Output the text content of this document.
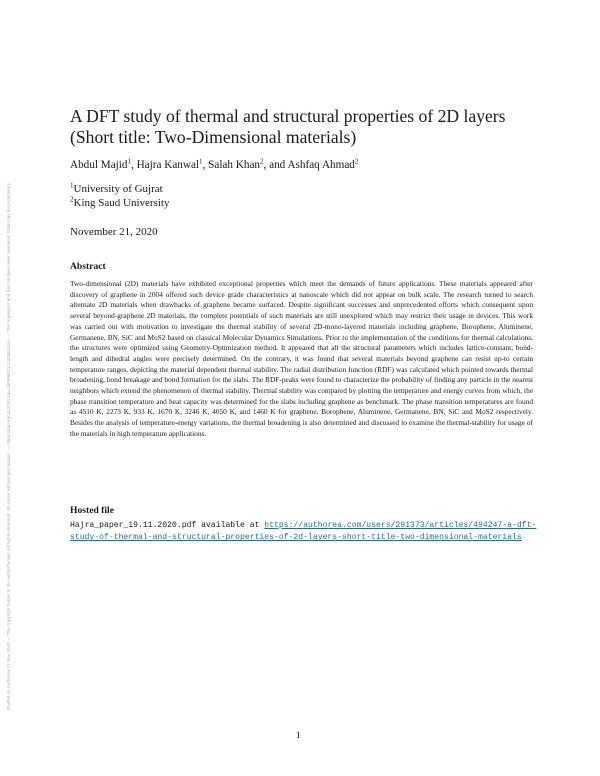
Posted on Authorea 21 Nov 2020 — The copyright holder is the author/funder. All rights reserved. No reuse without permission. — https://doi.org/10.22541/au.160596111.11638614/v1 — This a preprint and has not been peer reviewed. Data may be preliminary.
A DFT study of thermal and structural properties of 2D layers (Short title: Two-Dimensional materials)
Abdul Majid$^1$, Hajra Kanwal$^1$, Salah Khan$^2$, and Ashfaq Ahmad$^2$
$^1$University of Gujrat
$^2$King Saud University
November 21, 2020
Abstract

Two-dimensional (2D) materials have exhibited exceptional properties which meet the demands of future applications. These materials appeared after discovery of graphene in 2004 offered such device grade characteristics at nanoscale which did not appear on bulk scale. The research turned to search alternate 2D materials when drawbacks of graphene became surfaced. Despite significant successes and unprecedented efforts which consequent upon several beyond-graphene 2D materials, the complete potentials of such materials are still unexplored which may restrict their usage in devices. This work was carried out with motivation to investigate the thermal stability of several 2D-mono-layered materials including graphene, Borophene, Aluminene, Germanene, BN, SiC and MoS2 based on classical Molecular Dynamics Simulations. Prior to the implementation of the conditions for thermal calculations, the structures were optimized using Geometry-Optimization method. It appeared that all the structural parameters which includes lattice-constant, bond-length and dihedral angles were precisely determined. On the contrary, it was found that several materials beyond graphene can resist up-to certain temperature ranges, depicting the material dependent thermal stability. The radial distribution function (RDF) was calculated which pointed towards thermal broadening, bond breakage and bond formation for the slabs. The RDF-peaks were found to characterize the probability of finding any particle in the nearest neighbors which extend the phenomenon of thermal stability. Thermal stability was compared by plotting the temperature and energy curves from which, the phase transition temperature and heat capacity was determined for the slabs including graphene as benchmark. The phase transition temperatures are found as 4510 K, 2273 K, 933 K, 1670 K, 3246 K, 4050 K, and 1460 K for graphene, Borophene, Aluminene, Germanene, BN, SiC and MoS2 respectively. Besides the analysis of temperature-energy variations, the thermal broadening is also determined and discussed to examine the thermal-stability for usage of the materials in high temperature applications.

Hosted file
Hajra_paper_19.11.2020.pdf available at https://authorea.com/users/291373/articles/494247-a-dft-study-of-thermal-and-structural-properties-of-2d-layers-short-title-two-dimensional-materials
1
